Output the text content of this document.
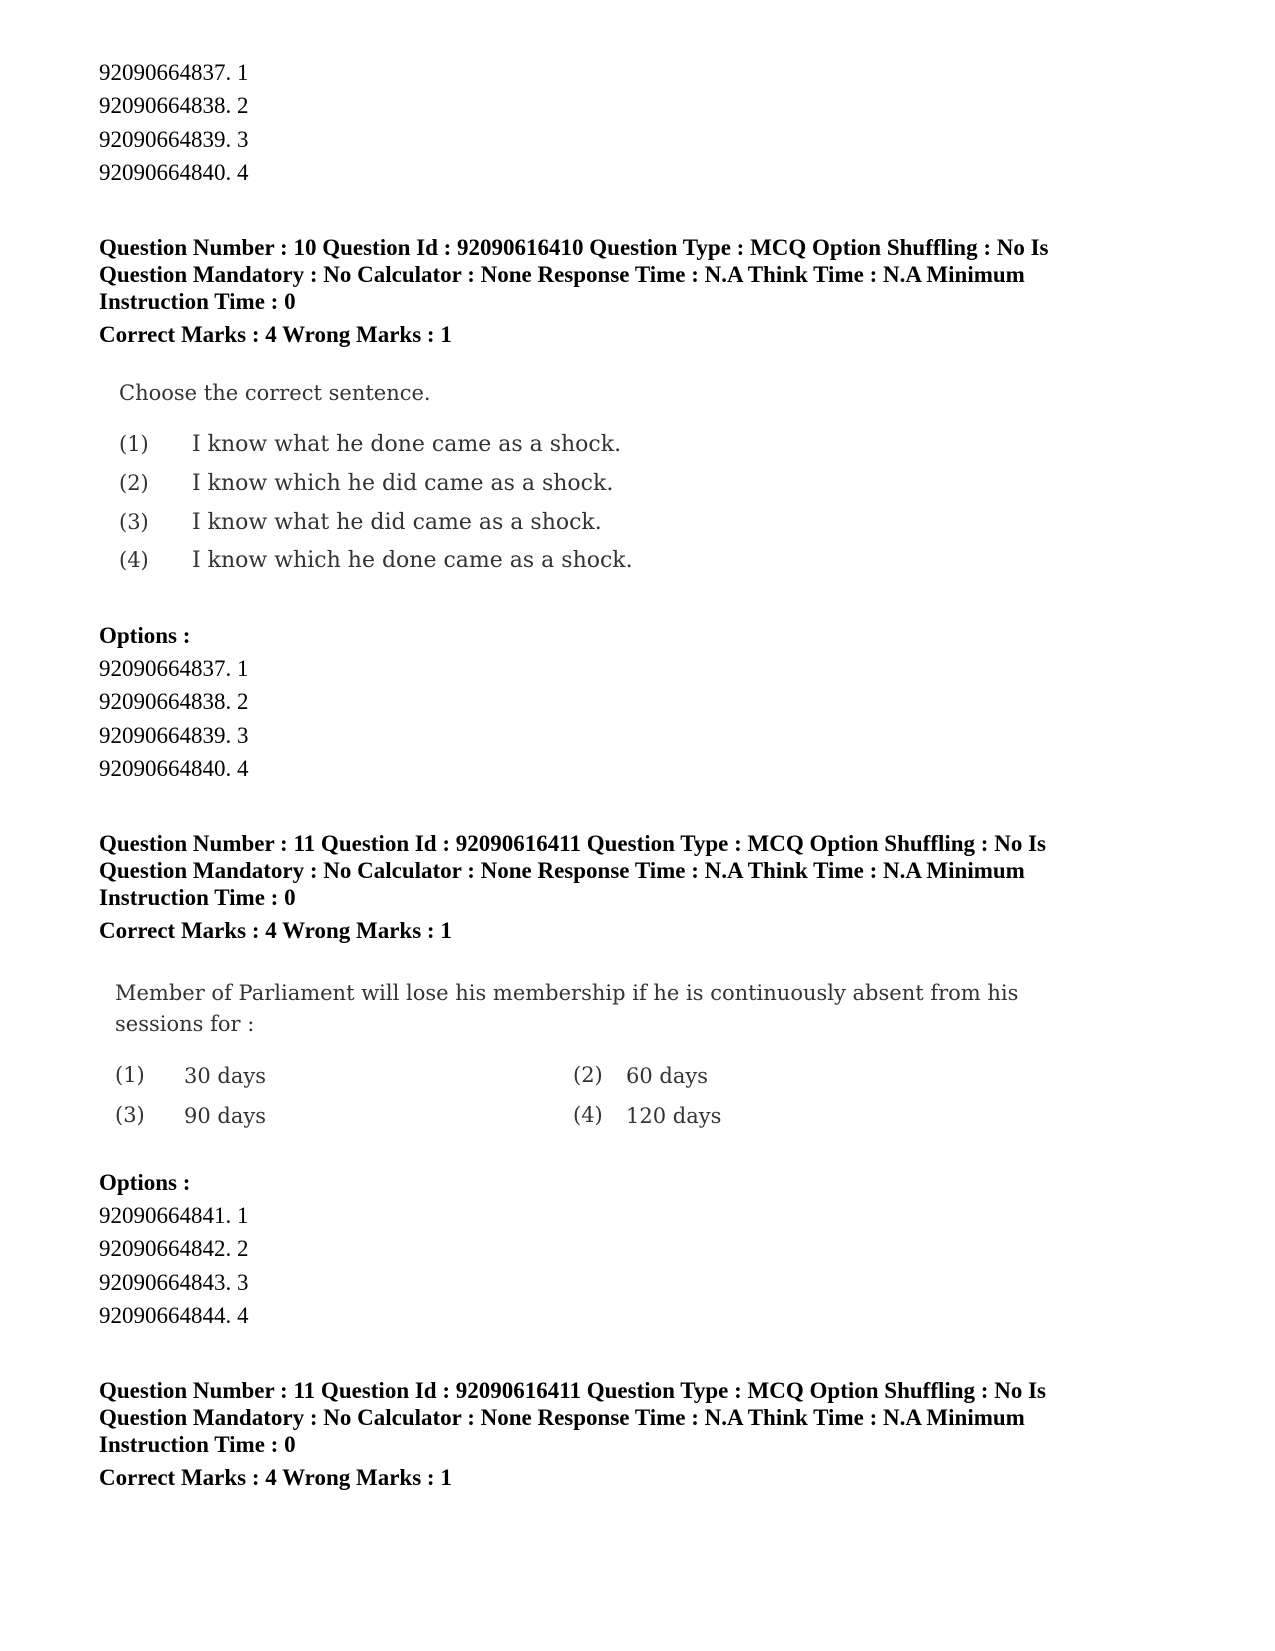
92090664837. 1
92090664838. 2
92090664839. 3
92090664840. 4
Question Number : 10 Question Id : 92090616410 Question Type : MCQ Option Shuffling : No Is
Question Mandatory : No Calculator : None Response Time : N.A Think Time : N.A Minimum
Instruction Time : 0
Correct Marks : 4 Wrong Marks : 1
Choose the correct sentence.
(1) I know what he done came as a shock.
(2) I know which he did came as a shock.
(3) I know what he did came as a shock.
(4) I know which he done came as a shock.
Options :
92090664837. 1
92090664838. 2
92090664839. 3
92090664840. 4
Question Number : 11 Question Id : 92090616411 Question Type : MCQ Option Shuffling : No Is
Question Mandatory : No Calculator : None Response Time : N.A Think Time : N.A Minimum
Instruction Time : 0
Correct Marks : 4 Wrong Marks : 1
Member of Parliament will lose his membership if he is continuously absent from his
sessions for :
(1) 30 days	(2) 60 days
(3) 90 days	(4) 120 days
Options :
92090664841. 1
92090664842. 2
92090664843. 3
92090664844. 4
Question Number : 11 Question Id : 92090616411 Question Type : MCQ Option Shuffling : No Is
Question Mandatory : No Calculator : None Response Time : N.A Think Time : N.A Minimum
Instruction Time : 0
Correct Marks : 4 Wrong Marks : 1
